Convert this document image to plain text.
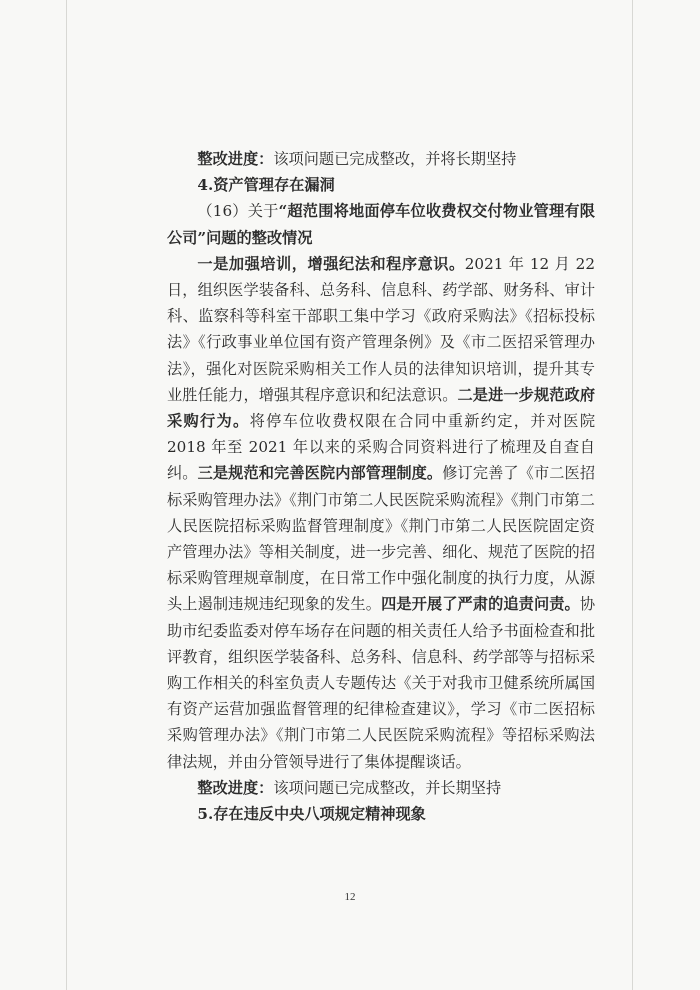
整改进度：该项问题已完成整改，并将长期坚持

4.资产管理存在漏洞

（16）关于“超范围将地面停车位收费权交付物业管理有限公司”问题的整改情况

一是加强培训，增强纪法和程序意识。2021 年 12 月 22 日，组织医学装备科、总务科、信息科、药学部、财务科、审计科、监察科等科室干部职工集中学习《政府采购法》《招标投标法》《行政事业单位国有资产管理条例》及《市二医招采管理办法》，强化对医院采购相关工作人员的法律知识培训，提升其专业胜任能力，增强其程序意识和纪法意识。二是进一步规范政府采购行为。将停车位收费权限在合同中重新约定，并对医院 2018 年至 2021 年以来的采购合同资料进行了梳理及自查自纠。三是规范和完善医院内部管理制度。修订完善了《市二医招标采购管理办法》《荆门市第二人民医院采购流程》《荆门市第二人民医院招标采购监督管理制度》《荆门市第二人民医院固定资产管理办法》等相关制度，进一步完善、细化、规范了医院的招标采购管理规章制度，在日常工作中强化制度的执行力度，从源头上遏制违规违纪现象的发生。四是开展了严肃的追责问责。协助市纪委监委对停车场存在问题的相关责任人给予书面检查和批评教育，组织医学装备科、总务科、信息科、药学部等与招标采购工作相关的科室负责人专题传达《关于对我市卫健系统所属国有资产运营加强监督管理的纪律检查建议》，学习《市二医招标采购管理办法》《荆门市第二人民医院采购流程》等招标采购法律法规，并由分管领导进行了集体提醒谈话。

整改进度：该项问题已完成整改，并长期坚持

5.存在违反中央八项规定精神现象

12
